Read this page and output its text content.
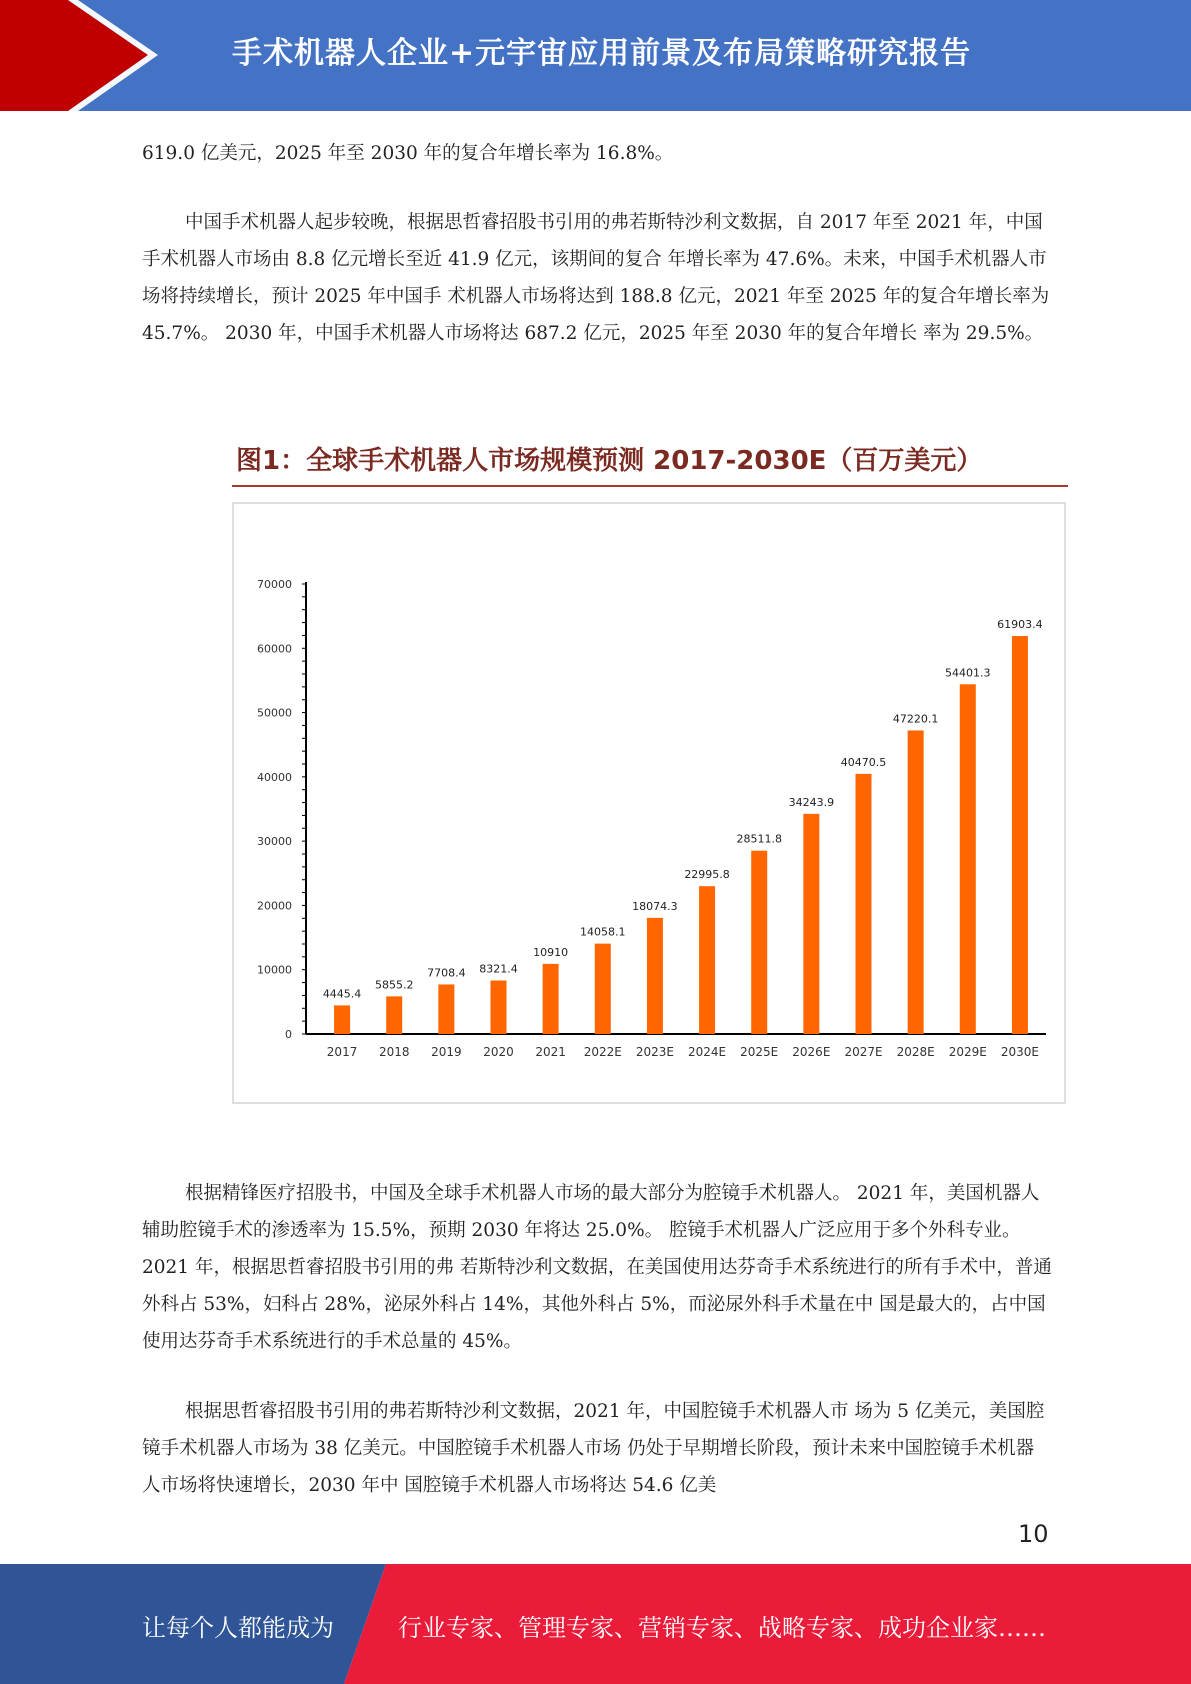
手术机器人企业+元宇宙应用前景及布局策略研究报告

619.0 亿美元，2025 年至 2030 年的复合年增长率为 16.8%。

中国手术机器人起步较晚，根据思哲睿招股书引用的弗若斯特沙利文数据，自 2017 年至 2021 年，中国手术机器人市场由 8.8 亿元增长至近 41.9 亿元，该期间的复合 年增长率为 47.6%。未来，中国手术机器人市场将持续增长，预计 2025 年中国手 术机器人市场将达到 188.8 亿元，2021 年至 2025 年的复合年增长率为 45.7%。 2030 年，中国手术机器人市场将达 687.2 亿元，2025 年至 2030 年的复合年增长 率为 29.5%。

图1：全球手术机器人市场规模预测 2017-2030E（百万美元）
0
10000
20000
30000
40000
50000
60000
70000
4445.4
2017
5855.2
2018
7708.4
2019
8321.4
2020
10910
2021
14058.1
2022E
18074.3
2023E
22995.8
2024E
28511.8
2025E
34243.9
2026E
40470.5
2027E
47220.1
2028E
54401.3
2029E
61903.4
2030E

根据精锋医疗招股书，中国及全球手术机器人市场的最大部分为腔镜手术机器人。 2021 年，美国机器人辅助腔镜手术的渗透率为 15.5%，预期 2030 年将达 25.0%。 腔镜手术机器人广泛应用于多个外科专业。2021 年，根据思哲睿招股书引用的弗 若斯特沙利文数据，在美国使用达芬奇手术系统进行的所有手术中，普通外科占 53%，妇科占 28%，泌尿外科占 14%，其他外科占 5%，而泌尿外科手术量在中 国是最大的，占中国使用达芬奇手术系统进行的手术总量的 45%。

根据思哲睿招股书引用的弗若斯特沙利文数据，2021 年，中国腔镜手术机器人市 场为 5 亿美元，美国腔镜手术机器人市场为 38 亿美元。中国腔镜手术机器人市场 仍处于早期增长阶段，预计未来中国腔镜手术机器人市场将快速增长，2030 年中 国腔镜手术机器人市场将达 54.6 亿美

10
让每个人都能成为	行业专家、管理专家、营销专家、战略专家、成功企业家……
